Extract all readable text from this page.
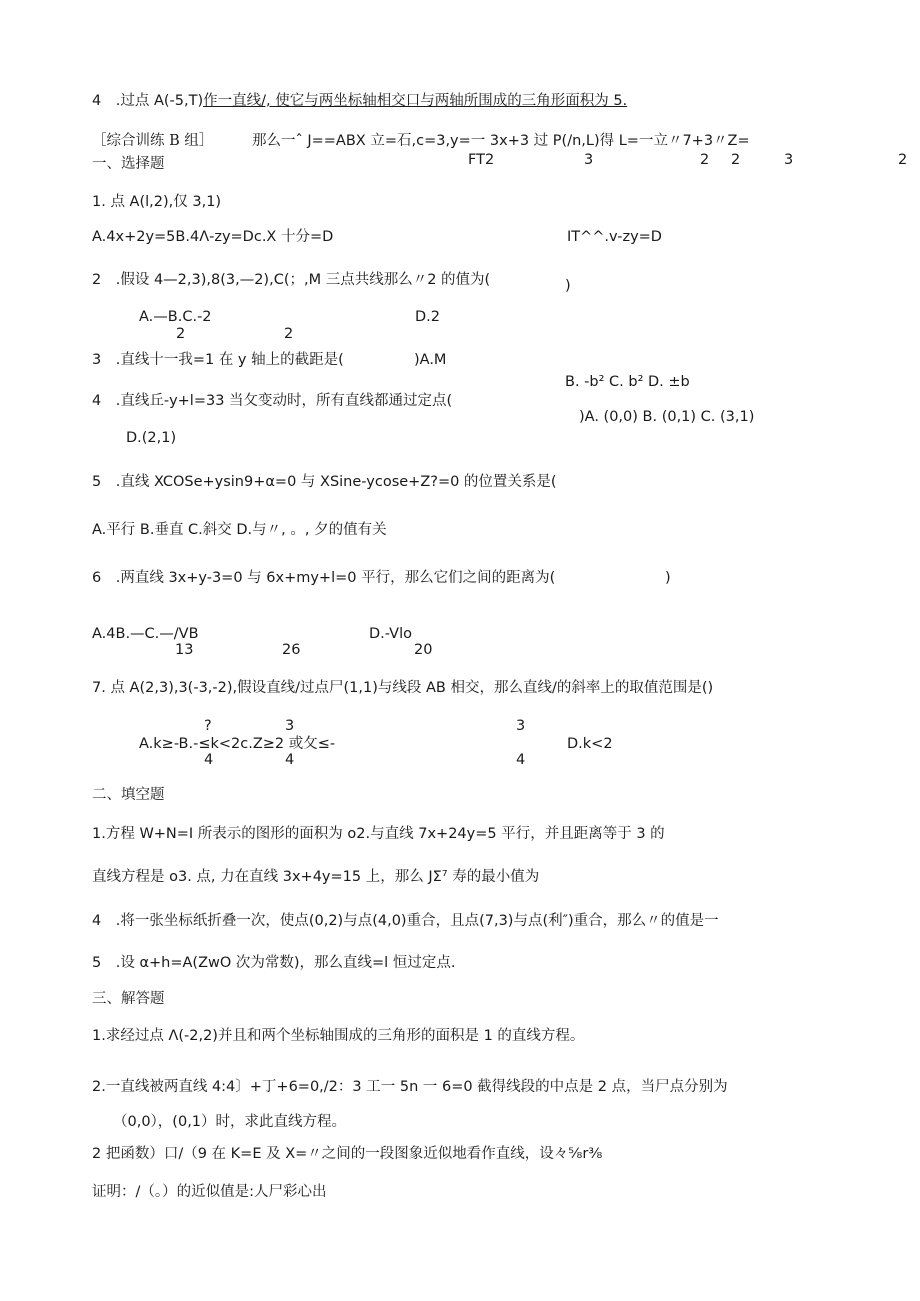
4　.过点 A(-5,T)作一直线/, 使它与两坐标轴相交口与两轴所围成的三角形面积为 5.
［综合训练 B 组］	那么一ˆ J==ABX 立=石,c=3,y=一 3x+3 过 P(∕n,L)得 L=一立〃7+3〃Z=
FT2	3	2 2	3	2
一、选择题
1. 点 A(l,2),仅 3,1)
A.4x+2y=5B.4Λ-zy=Dc.X 十分=D	IT^^.v-zy=D
2　.假设 4—2,3),8(3,—2),C(；,M 三点共线那么〃2 的值为(	)
A.—B.C.-2	D.2
2	2
3　.直线十一我=1 在 y 轴上的截距是(	)A.M
B. -b² C. b² D. ±b
4　.直线丘-y+l=33 当攵变动时，所有直线都通过定点(
)A. (0,0) B. (0,1) C. (3,1)
D.(2,1)
5　.直线 XCOSe+ysin9+α=0 与 XSine-ycose+Z?=0 的位置关系是(
A.平行 B.垂直 C.斜交 D.与〃, 。, 夕的值有关
6　.两直线 3x+y-3=0 与 6x+my+l=0 平行，那么它们之间的距离为(	)
A.4B.—C.—∕VB	D.-Vlo
13	26	20
7. 点 A(2,3),3(-3,-2),假设直线/过点尸(1,1)与线段 AB 相交，那么直线/的斜率上的取值范围是()
?	3	3
A.k≥-B.-≤k<2c.Z≥2 或攵≤-	D.k<2
4	4	4
二、填空题
1.方程 W+N=I 所表示的图形的面积为 o2.与直线 7x+24y=5 平行，并且距离等于 3 的
直线方程是 o3. 点, 力在直线 3x+4y=15 上，那么 JΣ⁷ 寿的最小值为
4　.将一张坐标纸折叠一次，使点(0,2)与点(4,0)重合，且点(7,3)与点(利″)重合，那么〃的值是一
5　.设 α+h=A(ZwO 次为常数)，那么直线=l 恒过定点.
三、解答题
1.求经过点 Λ(-2,2)并且和两个坐标轴围成的三角形的面积是 1 的直线方程。
2.一直线被两直线 4:4〕+丁+6=0,/2：3 工一 5n 一 6=0 截得线段的中点是 2 点，当尸点分别为
（0,0），(0,1）时，求此直线方程。
2 把函数）口/（9 在 K=E 及 X=〃之间的一段图象近似地看作直线，设々⅝r⅜
证明：/（。）的近似值是:人尸彩心出
